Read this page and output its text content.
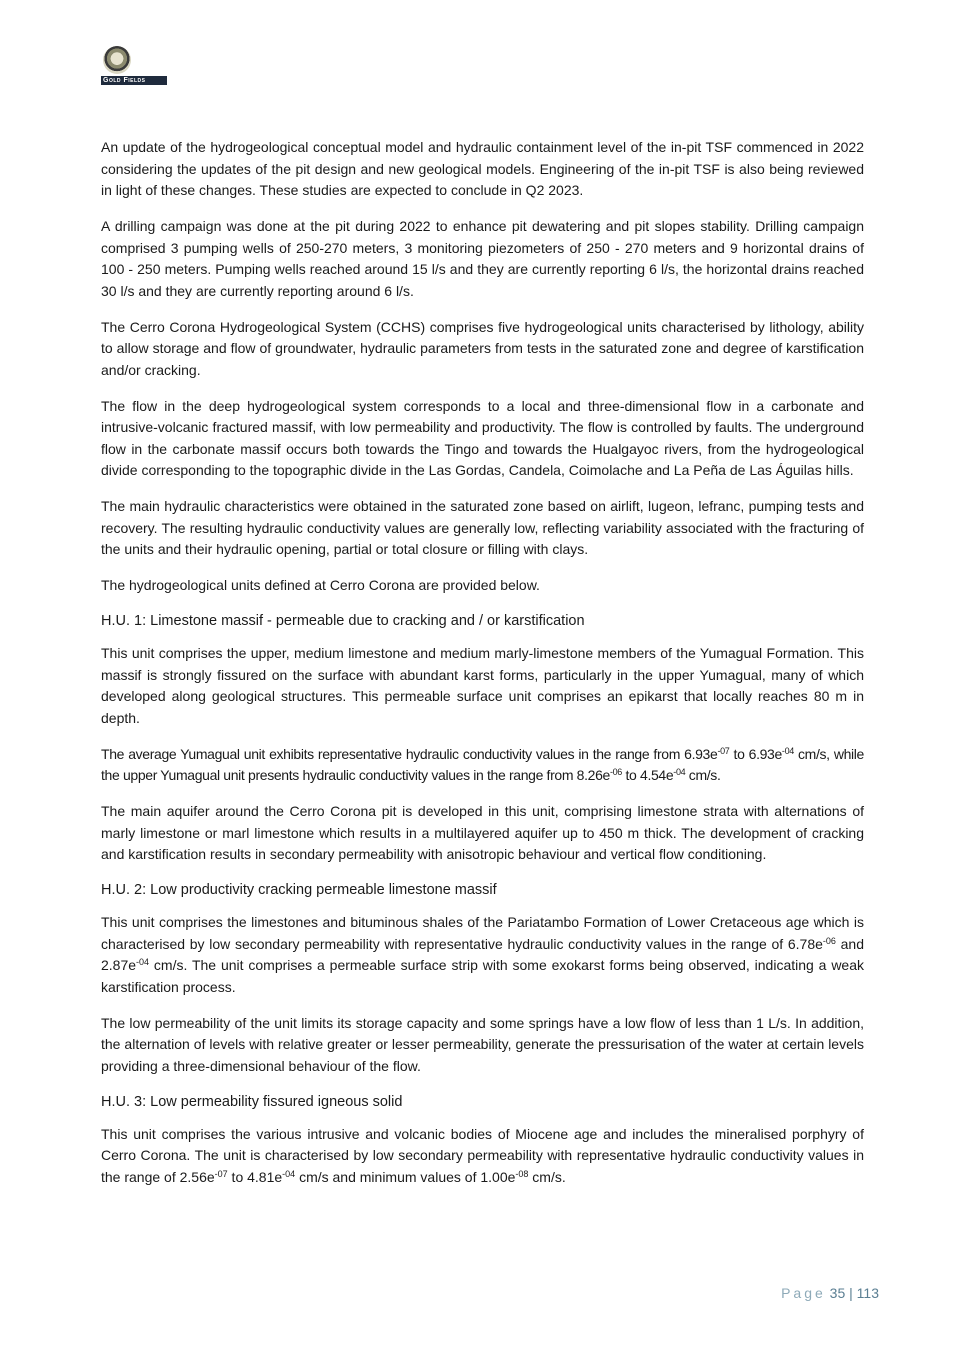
Gold Fields

An update of the hydrogeological conceptual model and hydraulic containment level of the in-pit TSF commenced in 2022 considering the updates of the pit design and new geological models. Engineering of the in-pit TSF is also being reviewed in light of these changes. These studies are expected to conclude in Q2 2023.

A drilling campaign was done at the pit during 2022 to enhance pit dewatering and pit slopes stability. Drilling campaign comprised 3 pumping wells of 250-270 meters, 3 monitoring piezometers of 250 - 270 meters and 9 horizontal drains of 100 - 250 meters. Pumping wells reached around 15 l/s and they are currently reporting 6 l/s, the horizontal drains reached 30 l/s and they are currently reporting around 6 l/s.

The Cerro Corona Hydrogeological System (CCHS) comprises five hydrogeological units characterised by lithology, ability to allow storage and flow of groundwater, hydraulic parameters from tests in the saturated zone and degree of karstification and/or cracking.

The flow in the deep hydrogeological system corresponds to a local and three-dimensional flow in a carbonate and intrusive-volcanic fractured massif, with low permeability and productivity. The flow is controlled by faults. The underground flow in the carbonate massif occurs both towards the Tingo and towards the Hualgayoc rivers, from the hydrogeological divide corresponding to the topographic divide in the Las Gordas, Candela, Coimolache and La Peña de Las Águilas hills.

The main hydraulic characteristics were obtained in the saturated zone based on airlift, lugeon, lefranc, pumping tests and recovery. The resulting hydraulic conductivity values are generally low, reflecting variability associated with the fracturing of the units and their hydraulic opening, partial or total closure or filling with clays.

The hydrogeological units defined at Cerro Corona are provided below.

H.U. 1: Limestone massif - permeable due to cracking and / or karstification

This unit comprises the upper, medium limestone and medium marly-limestone members of the Yumagual Formation. This massif is strongly fissured on the surface with abundant karst forms, particularly in the upper Yumagual, many of which developed along geological structures. This permeable surface unit comprises an epikarst that locally reaches 80 m in depth.

The average Yumagual unit exhibits representative hydraulic conductivity values in the range from $6.93e^{-07}$ to $6.93e^{-04}$ cm/s, while the upper Yumagual unit presents hydraulic conductivity values in the range from $8.26e^{-06}$ to $4.54e^{-04}$ cm/s.

The main aquifer around the Cerro Corona pit is developed in this unit, comprising limestone strata with alternations of marly limestone or marl limestone which results in a multilayered aquifer up to 450 m thick. The development of cracking and karstification results in secondary permeability with anisotropic behaviour and vertical flow conditioning.

H.U. 2: Low productivity cracking permeable limestone massif

This unit comprises the limestones and bituminous shales of the Pariatambo Formation of Lower Cretaceous age which is characterised by low secondary permeability with representative hydraulic conductivity values in the range of $6.78e^{-06}$ and $2.87e^{-04}$ cm/s. The unit comprises a permeable surface strip with some exokarst forms being observed, indicating a weak karstification process.

The low permeability of the unit limits its storage capacity and some springs have a low flow of less than 1 L/s. In addition, the alternation of levels with relative greater or lesser permeability, generate the pressurisation of the water at certain levels providing a three-dimensional behaviour of the flow.

H.U. 3: Low permeability fissured igneous solid

This unit comprises the various intrusive and volcanic bodies of Miocene age and includes the mineralised porphyry of Cerro Corona. The unit is characterised by low secondary permeability with representative hydraulic conductivity values in the range of $2.56e^{-07}$ to $4.81e^{-04}$ cm/s and minimum values of $1.00e^{-08}$ cm/s.

Page 35 | 113
